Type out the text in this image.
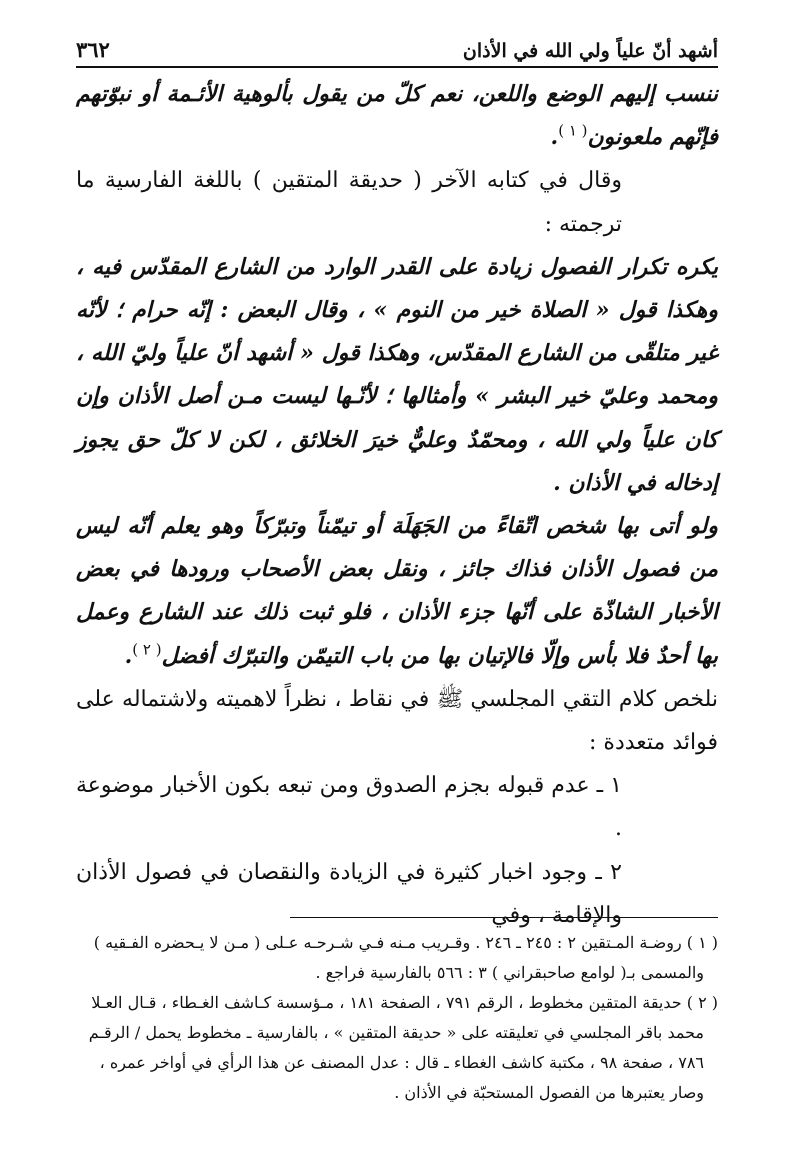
أشهد أنّ علياً ولي الله في الأذان
٣٦٢

ننسب إليهم الوضع واللعن، نعم كلّ من يقول بألوهية الأئـمة أو نبوّتهم فإنّهم ملعونون$^{( ١ )}$.

وقال في كتابه الآخر ( حديقة المتقين ) باللغة الفارسية ما ترجمته :

يكره تكرار الفصول زيادة على القدر الوارد من الشارع المقدّس فيه ، وهكذا قول « الصلاة خير من النوم » ، وقال البعض : إنّه حرام ؛ لأنّه غير متلقّى من الشارع المقدّس، وهكذا قول « أشهد أنّ علياً وليّ الله ، ومحمد وعليّ خير البشر » وأمثالها ؛ لأنّـها ليست مـن أصل الأذان وإن كان علياً ولي الله ، ومحمّدٌ وعليٌّ خيرَ الخلائق ، لكن لا كلّ حق يجوز إدخاله في الأذان .

ولو أتى بها شخص اتّقاءً من الجَهَلَة أو تيمّناً وتبرّكاً وهو يعلم أنّه ليس من فصول الأذان فذاك جائز ، ونقل بعض الأصحاب ورودها في بعض الأخبار الشاذّة على أنّها جزء الأذان ، فلو ثبت ذلك عند الشارع وعمل بها أحدٌ فلا بأس وإلّا فالإتيان بها من باب التيمّن والتبرّك أفضل$^{( ٢ )}$.

نلخص كلام التقي المجلسي ﷺ في نقاط ، نظراً لاهميته ولاشتماله على فوائد متعددة :

١ ـ عدم قبوله بجزم الصدوق ومن تبعه بكون الأخبار موضوعة .

٢ ـ وجود اخبار كثيرة في الزيادة والنقصان في فصول الأذان والإقامة ، وفي

( ١ ) روضـة المـتقين ٢ : ٢٤٥ ـ ٢٤٦ . وقـريب مـنه فـي شـرحـه عـلى ( مـن لا يـحضره الفـقيه )

والمسمى بـ( لوامع صاحبقراني ) ٣ : ٥٦٦ بالفارسية فراجع .

( ٢ ) حديقة المتقين مخطوط ، الرقم ٧٩١ ، الصفحة ١٨١ ، مـؤسسة كـاشف الغـطاء ، قـال العـلا

محمد باقر المجلسي في تعليقته على « حديقة المتقين » ، بالفارسية ـ مخطوط يحمل / الرقـم

٧٨٦ ، صفحة ٩٨ ، مكتبة كاشف الغطاء ـ قال : عدل المصنف عن هذا الرأي في أواخر عمره ،

وصار يعتبرها من الفصول المستحبّة في الأذان .
